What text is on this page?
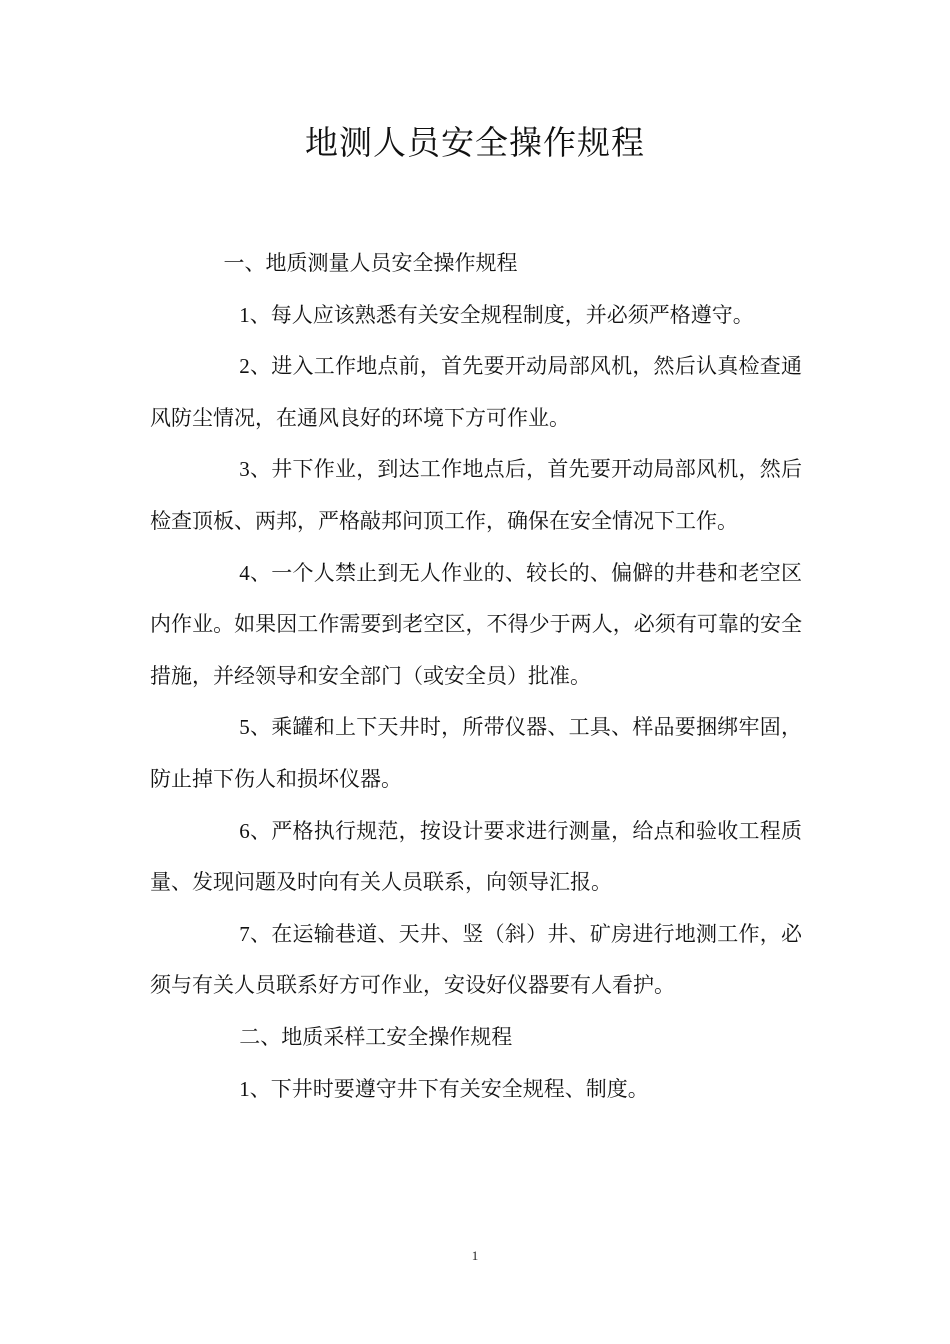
地测人员安全操作规程

一、地质测量人员安全操作规程

1、每人应该熟悉有关安全规程制度，并必须严格遵守。

2、进入工作地点前，首先要开动局部风机，然后认真检查通风防尘情况，在通风良好的环境下方可作业。

3、井下作业，到达工作地点后，首先要开动局部风机，然后检查顶板、两邦，严格敲邦问顶工作，确保在安全情况下工作。

4、一个人禁止到无人作业的、较长的、偏僻的井巷和老空区内作业。如果因工作需要到老空区，不得少于两人，必须有可靠的安全措施，并经领导和安全部门（或安全员）批准。

5、乘罐和上下天井时，所带仪器、工具、样品要捆绑牢固，防止掉下伤人和损坏仪器。

6、严格执行规范，按设计要求进行测量，给点和验收工程质量、发现问题及时向有关人员联系，向领导汇报。

7、在运输巷道、天井、竖（斜）井、矿房进行地测工作，必须与有关人员联系好方可作业，安设好仪器要有人看护。

二、地质采样工安全操作规程

1、下井时要遵守井下有关安全规程、制度。

1
